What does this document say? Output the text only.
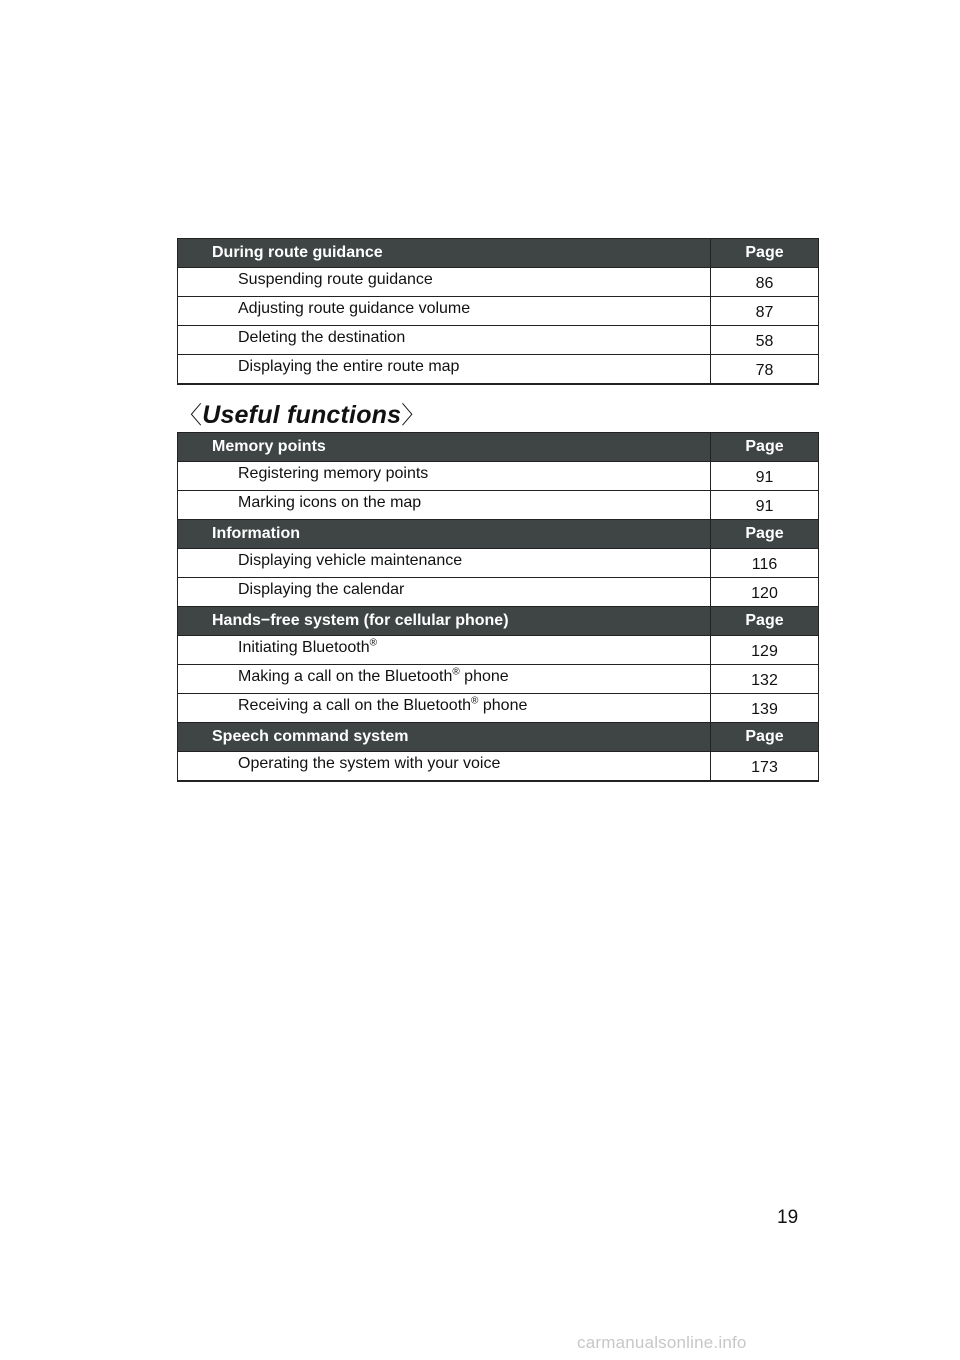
During route guidance	Page
Suspending route guidance	86
Adjusting route guidance volume	87
Deleting the destination	58
Displaying the entire route map	78
〈Useful functions〉
Memory points	Page
Registering memory points	91
Marking icons on the map	91
Information	Page
Displaying vehicle maintenance	116
Displaying the calendar	120
Hands−free system (for cellular phone)	Page
Initiating Bluetooth®	129
Making a call on the Bluetooth® phone	132
Receiving a call on the Bluetooth® phone	139
Speech command system	Page
Operating the system with your voice	173
19
carmanualsonline.info
